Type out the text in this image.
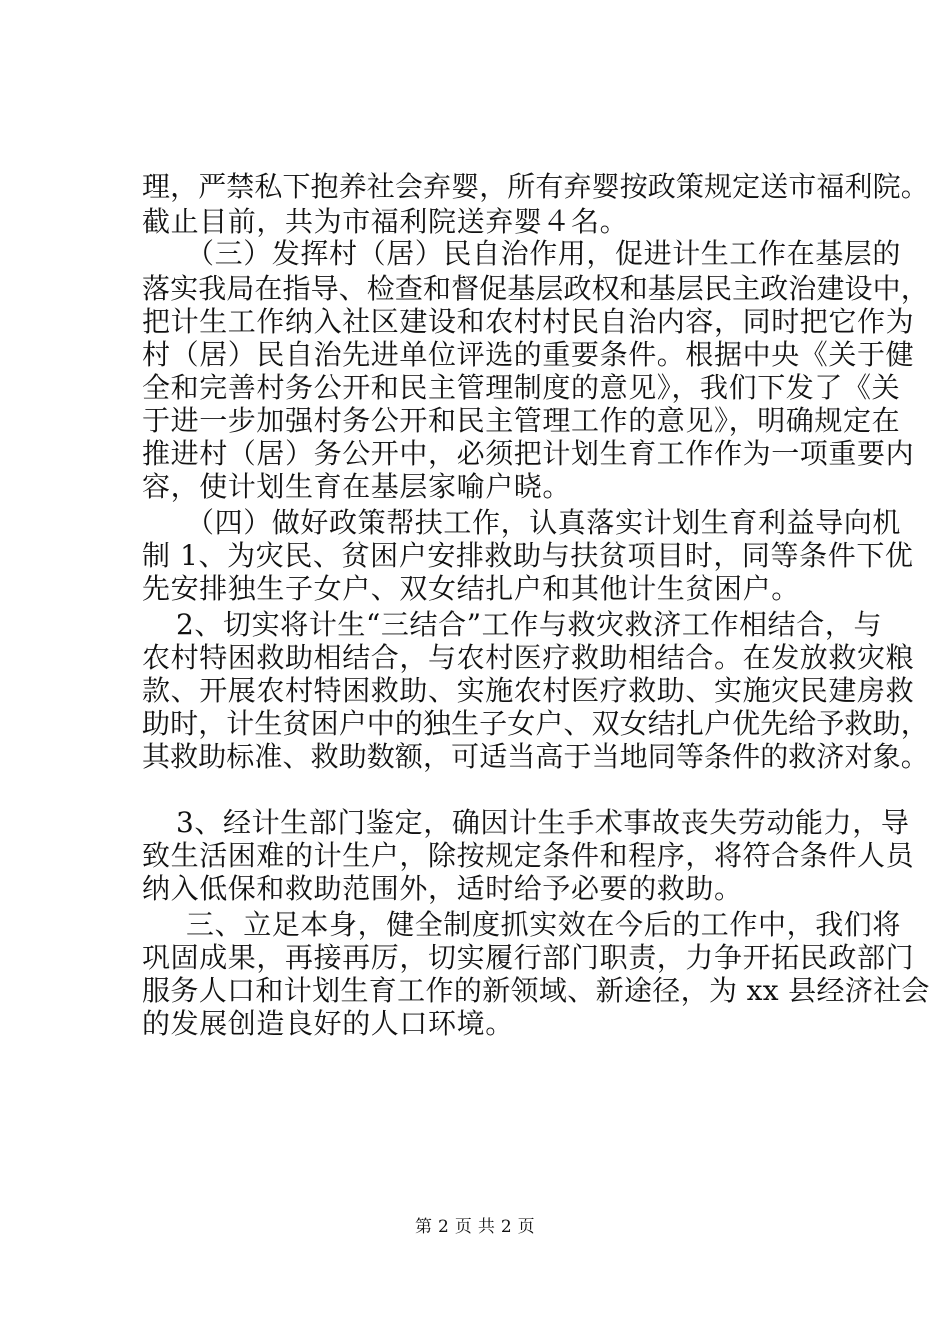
理，严禁私下抱养社会弃婴，所有弃婴按政策规定送市福利院。
截止目前，共为市福利院送弃婴４名。
（三）发挥村（居）民自治作用，促进计生工作在基层的
落实我局在指导、检查和督促基层政权和基层民主政治建设中，
把计生工作纳入社区建设和农村村民自治内容，同时把它作为
村（居）民自治先进单位评选的重要条件。根据中央《关于健
全和完善村务公开和民主管理制度的意见》，我们下发了《关
于进一步加强村务公开和民主管理工作的意见》，明确规定在
推进村（居）务公开中，必须把计划生育工作作为一项重要内
容，使计划生育在基层家喻户晓。
（四）做好政策帮扶工作，认真落实计划生育利益导向机
制 1、为灾民、贫困户安排救助与扶贫项目时，同等条件下优
先安排独生子女户、双女结扎户和其他计生贫困户。
2、切实将计生“三结合”工作与救灾救济工作相结合，与
农村特困救助相结合，与农村医疗救助相结合。在发放救灾粮
款、开展农村特困救助、实施农村医疗救助、实施灾民建房救
助时，计生贫困户中的独生子女户、双女结扎户优先给予救助，
其救助标准、救助数额，可适当高于当地同等条件的救济对象。
3、经计生部门鉴定，确因计生手术事故丧失劳动能力，导
致生活困难的计生户，除按规定条件和程序，将符合条件人员
纳入低保和救助范围外，适时给予必要的救助。
三、立足本身，健全制度抓实效在今后的工作中，我们将
巩固成果，再接再厉，切实履行部门职责，力争开拓民政部门
服务人口和计划生育工作的新领域、新途径，为 xx 县经济社会
的发展创造良好的人口环境。
第 2 页 共 2 页
